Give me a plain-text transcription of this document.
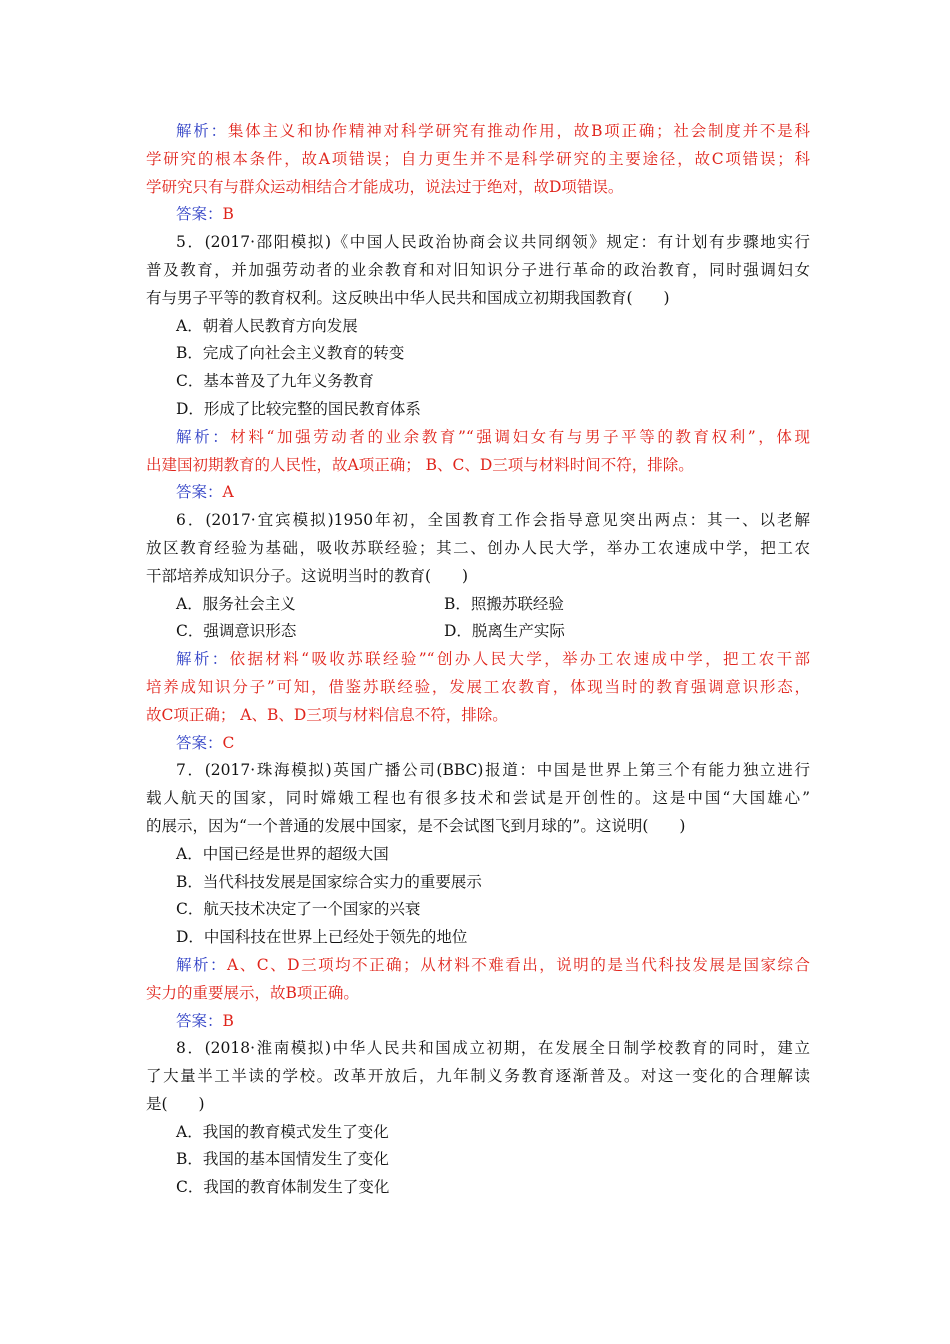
解析：集体主义和协作精神对科学研究有推动作用，故B项正确；社会制度并不是科
学研究的根本条件，故A项错误；自力更生并不是科学研究的主要途径，故C项错误；科
学研究只有与群众运动相结合才能成功，说法过于绝对，故D项错误。
答案：B
5．(2017·邵阳模拟)《中国人民政治协商会议共同纲领》规定：有计划有步骤地实行
普及教育，并加强劳动者的业余教育和对旧知识分子进行革命的政治教育，同时强调妇女
有与男子平等的教育权利。这反映出中华人民共和国成立初期我国教育(　　)
A．朝着人民教育方向发展
B．完成了向社会主义教育的转变
C．基本普及了九年义务教育
D．形成了比较完整的国民教育体系
解析：材料“加强劳动者的业余教育”“强调妇女有与男子平等的教育权利”，体现
出建国初期教育的人民性，故A项正确； B、C、D三项与材料时间不符，排除。
答案：A
6．(2017·宜宾模拟)1950年初，全国教育工作会指导意见突出两点：其一、以老解
放区教育经验为基础，吸收苏联经验；其二、创办人民大学，举办工农速成中学，把工农
干部培养成知识分子。这说明当时的教育(　　)
A．服务社会主义	B．照搬苏联经验
C．强调意识形态	D．脱离生产实际
解析：依据材料“吸收苏联经验”“创办人民大学，举办工农速成中学，把工农干部
培养成知识分子”可知，借鉴苏联经验，发展工农教育，体现当时的教育强调意识形态，
故C项正确； A、B、D三项与材料信息不符，排除。
答案：C
7．(2017·珠海模拟)英国广播公司(BBC)报道：中国是世界上第三个有能力独立进行
载人航天的国家，同时嫦娥工程也有很多技术和尝试是开创性的。这是中国“大国雄心”
的展示，因为“一个普通的发展中国家，是不会试图飞到月球的”。这说明(　　)
A．中国已经是世界的超级大国
B．当代科技发展是国家综合实力的重要展示
C．航天技术决定了一个国家的兴衰
D．中国科技在世界上已经处于领先的地位
解析：A、C、D三项均不正确；从材料不难看出，说明的是当代科技发展是国家综合
实力的重要展示，故B项正确。
答案：B
8．(2018·淮南模拟)中华人民共和国成立初期，在发展全日制学校教育的同时，建立
了大量半工半读的学校。改革开放后，九年制义务教育逐渐普及。对这一变化的合理解读
是(　　)
A．我国的教育模式发生了变化
B．我国的基本国情发生了变化
C．我国的教育体制发生了变化
